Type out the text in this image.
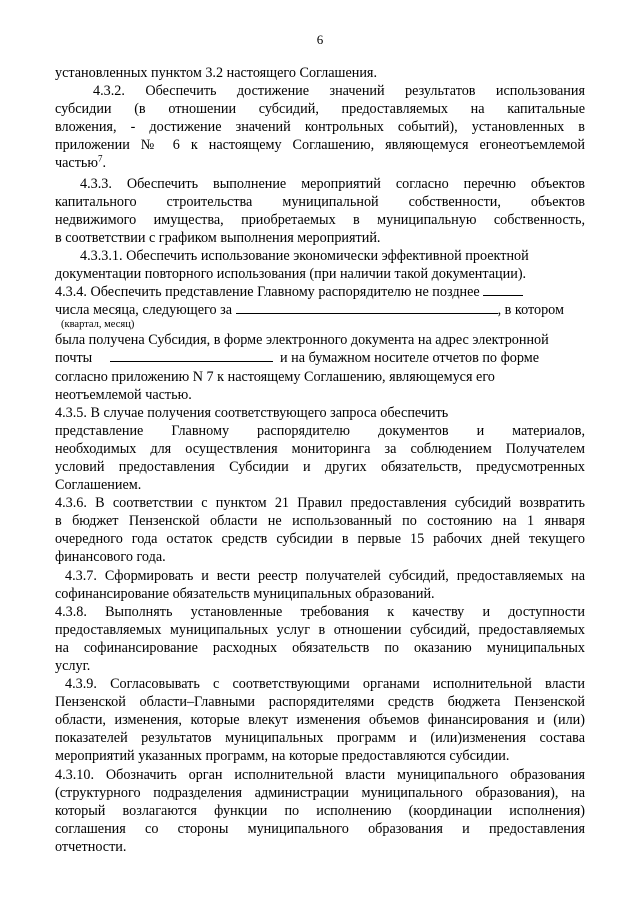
6
установленных пунктом 3.2 настоящего Соглашения.
4.3.2. Обеспечить достижение значений результатов использования
субсидии (в отношении субсидий, предоставляемых на капитальные
вложения, - достижение значений контрольных событий), установленных в
приложении № 6 к настоящему Соглашению, являющемуся егонеотъемлемой
частью$^7$.
4.3.3. Обеспечить выполнение мероприятий согласно перечню объектов
капитального строительства муниципальной собственности, объектов
недвижимого имущества, приобретаемых в муниципальную собственность,
в соответствии с графиком выполнения мероприятий.
4.3.3.1. Обеспечить использование экономически эффективной проектной
документации повторного использования (при наличии такой документации).
4.3.4. Обеспечить представление Главному распорядителю не позднее
числа месяца, следующего за	, в котором
(квартал, месяц)
была получена Субсидия, в форме электронного документа на адрес электронной
почты	и на бумажном носителе отчетов по форме
согласно приложению N 7 к настоящему Соглашению, являющемуся его
неотъемлемой частью.
4.3.5. В случае получения соответствующего запроса обеспечить
представление Главному распорядителю документов и материалов,
необходимых для осуществления мониторинга за соблюдением Получателем
условий предоставления Субсидии и других обязательств, предусмотренных
Соглашением.
4.3.6. В соответствии с пунктом 21 Правил предоставления субсидий возвратить
в бюджет Пензенской области не использованный по состоянию на 1 января
очередного года остаток средств субсидии в первые 15 рабочих дней текущего
финансового года.
4.3.7. Сформировать и вести реестр получателей субсидий, предоставляемых на
софинансирование обязательств муниципальных образований.
4.3.8. Выполнять установленные требования к качеству и доступности
предоставляемых муниципальных услуг в отношении субсидий, предоставляемых
на софинансирование расходных обязательств по оказанию муниципальных
услуг.
4.3.9. Согласовывать с соответствующими органами исполнительной власти
Пензенской области–Главными распорядителями средств бюджета Пензенской
области, изменения, которые влекут изменения объемов финансирования и (или)
показателей результатов муниципальных программ и (или)изменения состава
мероприятий указанных программ, на которые предоставляются субсидии.
4.3.10. Обозначить орган исполнительной власти муниципального образования
(структурного подразделения администрации муниципального образования), на
который возлагаются функции по исполнению (координации исполнения)
соглашения со стороны муниципального образования и предоставления
отчетности.
